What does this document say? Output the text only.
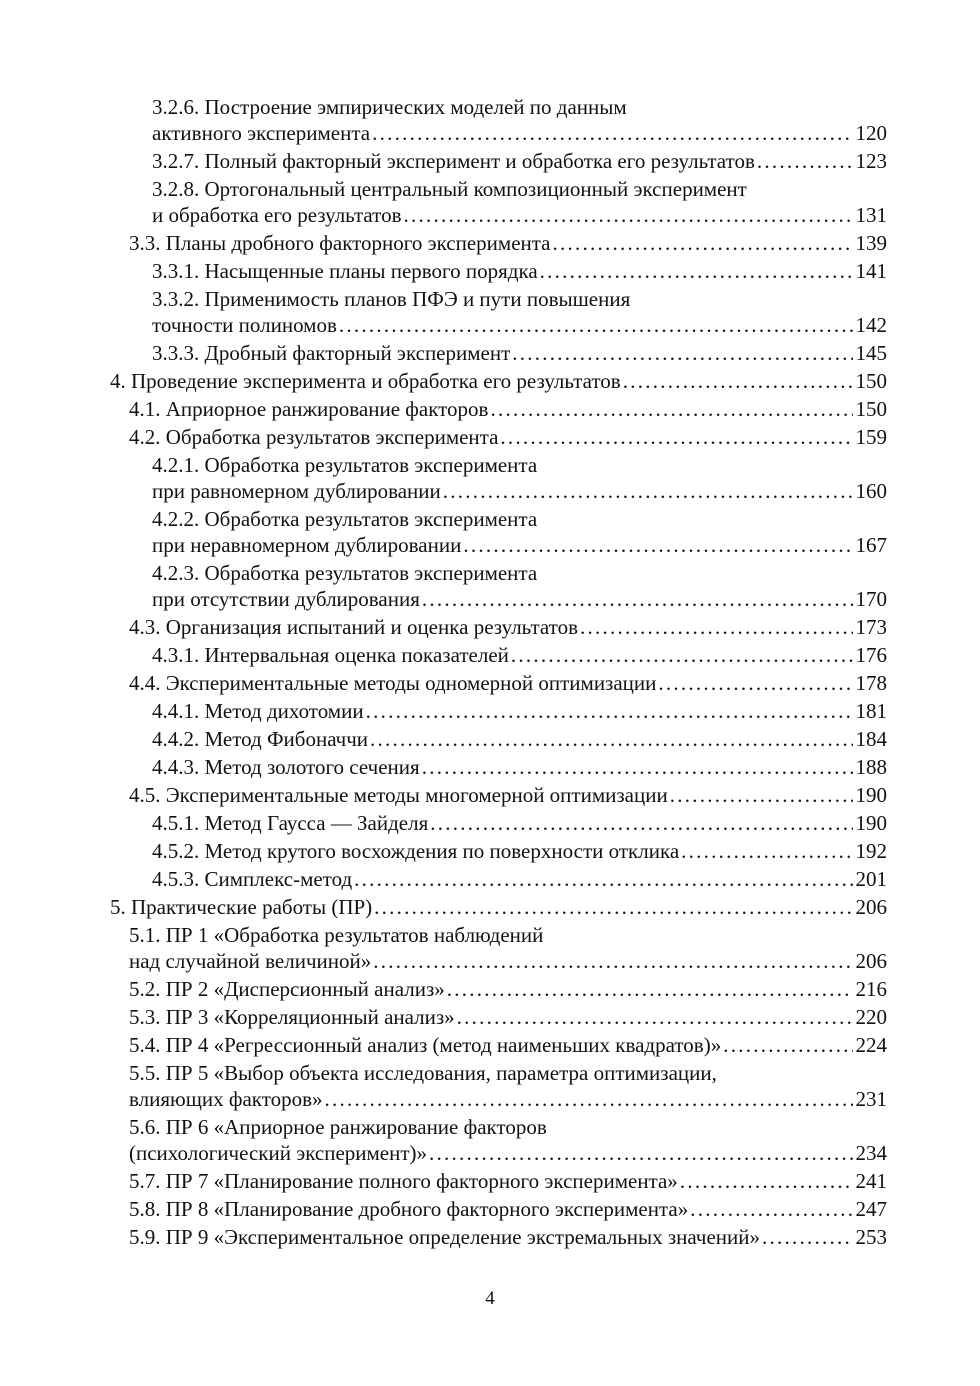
3.2.6. Построение эмпирических моделей по данным
активного эксперимента . . .	120
3.2.7. Полный факторный эксперимент и обработка его результатов . . .	123
3.2.8. Ортогональный центральный композиционный эксперимент
и обработка его результатов . . .	131
3.3. Планы дробного факторного эксперимента . . .	139
3.3.1. Насыщенные планы первого порядка . . .	141
3.3.2. Применимость планов ПФЭ и пути повышения
точности полиномов . . .	142
3.3.3. Дробный факторный эксперимент . . .	145
4. Проведение эксперимента и обработка его результатов . . .	150
4.1. Априорное ранжирование факторов . . .	150
4.2. Обработка результатов эксперимента . . .	159
4.2.1. Обработка результатов эксперимента
при равномерном дублировании . . .	160
4.2.2. Обработка результатов эксперимента
при неравномерном дублировании . . .	167
4.2.3. Обработка результатов эксперимента
при отсутствии дублирования . . .	170
4.3. Организация испытаний и оценка результатов . . .	173
4.3.1. Интервальная оценка показателей . . .	176
4.4. Экспериментальные методы одномерной оптимизации . . .	178
4.4.1. Метод дихотомии . . .	181
4.4.2. Метод Фибоначчи . . .	184
4.4.3. Метод золотого сечения . . .	188
4.5. Экспериментальные методы многомерной оптимизации . . .	190
4.5.1. Метод Гаусса — Зайделя . . .	190
4.5.2. Метод крутого восхождения по поверхности отклика . . .	192
4.5.3. Симплекс-метод . . .	201
5. Практические работы (ПР) . . .	206
5.1. ПР 1 «Обработка результатов наблюдений
над случайной величиной» . . .	206
5.2. ПР 2 «Дисперсионный анализ» . . .	216
5.3. ПР 3 «Корреляционный анализ» . . .	220
5.4. ПР 4 «Регрессионный анализ (метод наименьших квадратов)» . . .	224
5.5. ПР 5 «Выбор объекта исследования, параметра оптимизации,
влияющих факторов» . . .	231
5.6. ПР 6 «Априорное ранжирование факторов
(психологический эксперимент)» . . .	234
5.7. ПР 7 «Планирование полного факторного эксперимента» . . .	241
5.8. ПР 8 «Планирование дробного факторного эксперимента» . . .	247
5.9. ПР 9 «Экспериментальное определение экстремальных значений» . . .	253
4
